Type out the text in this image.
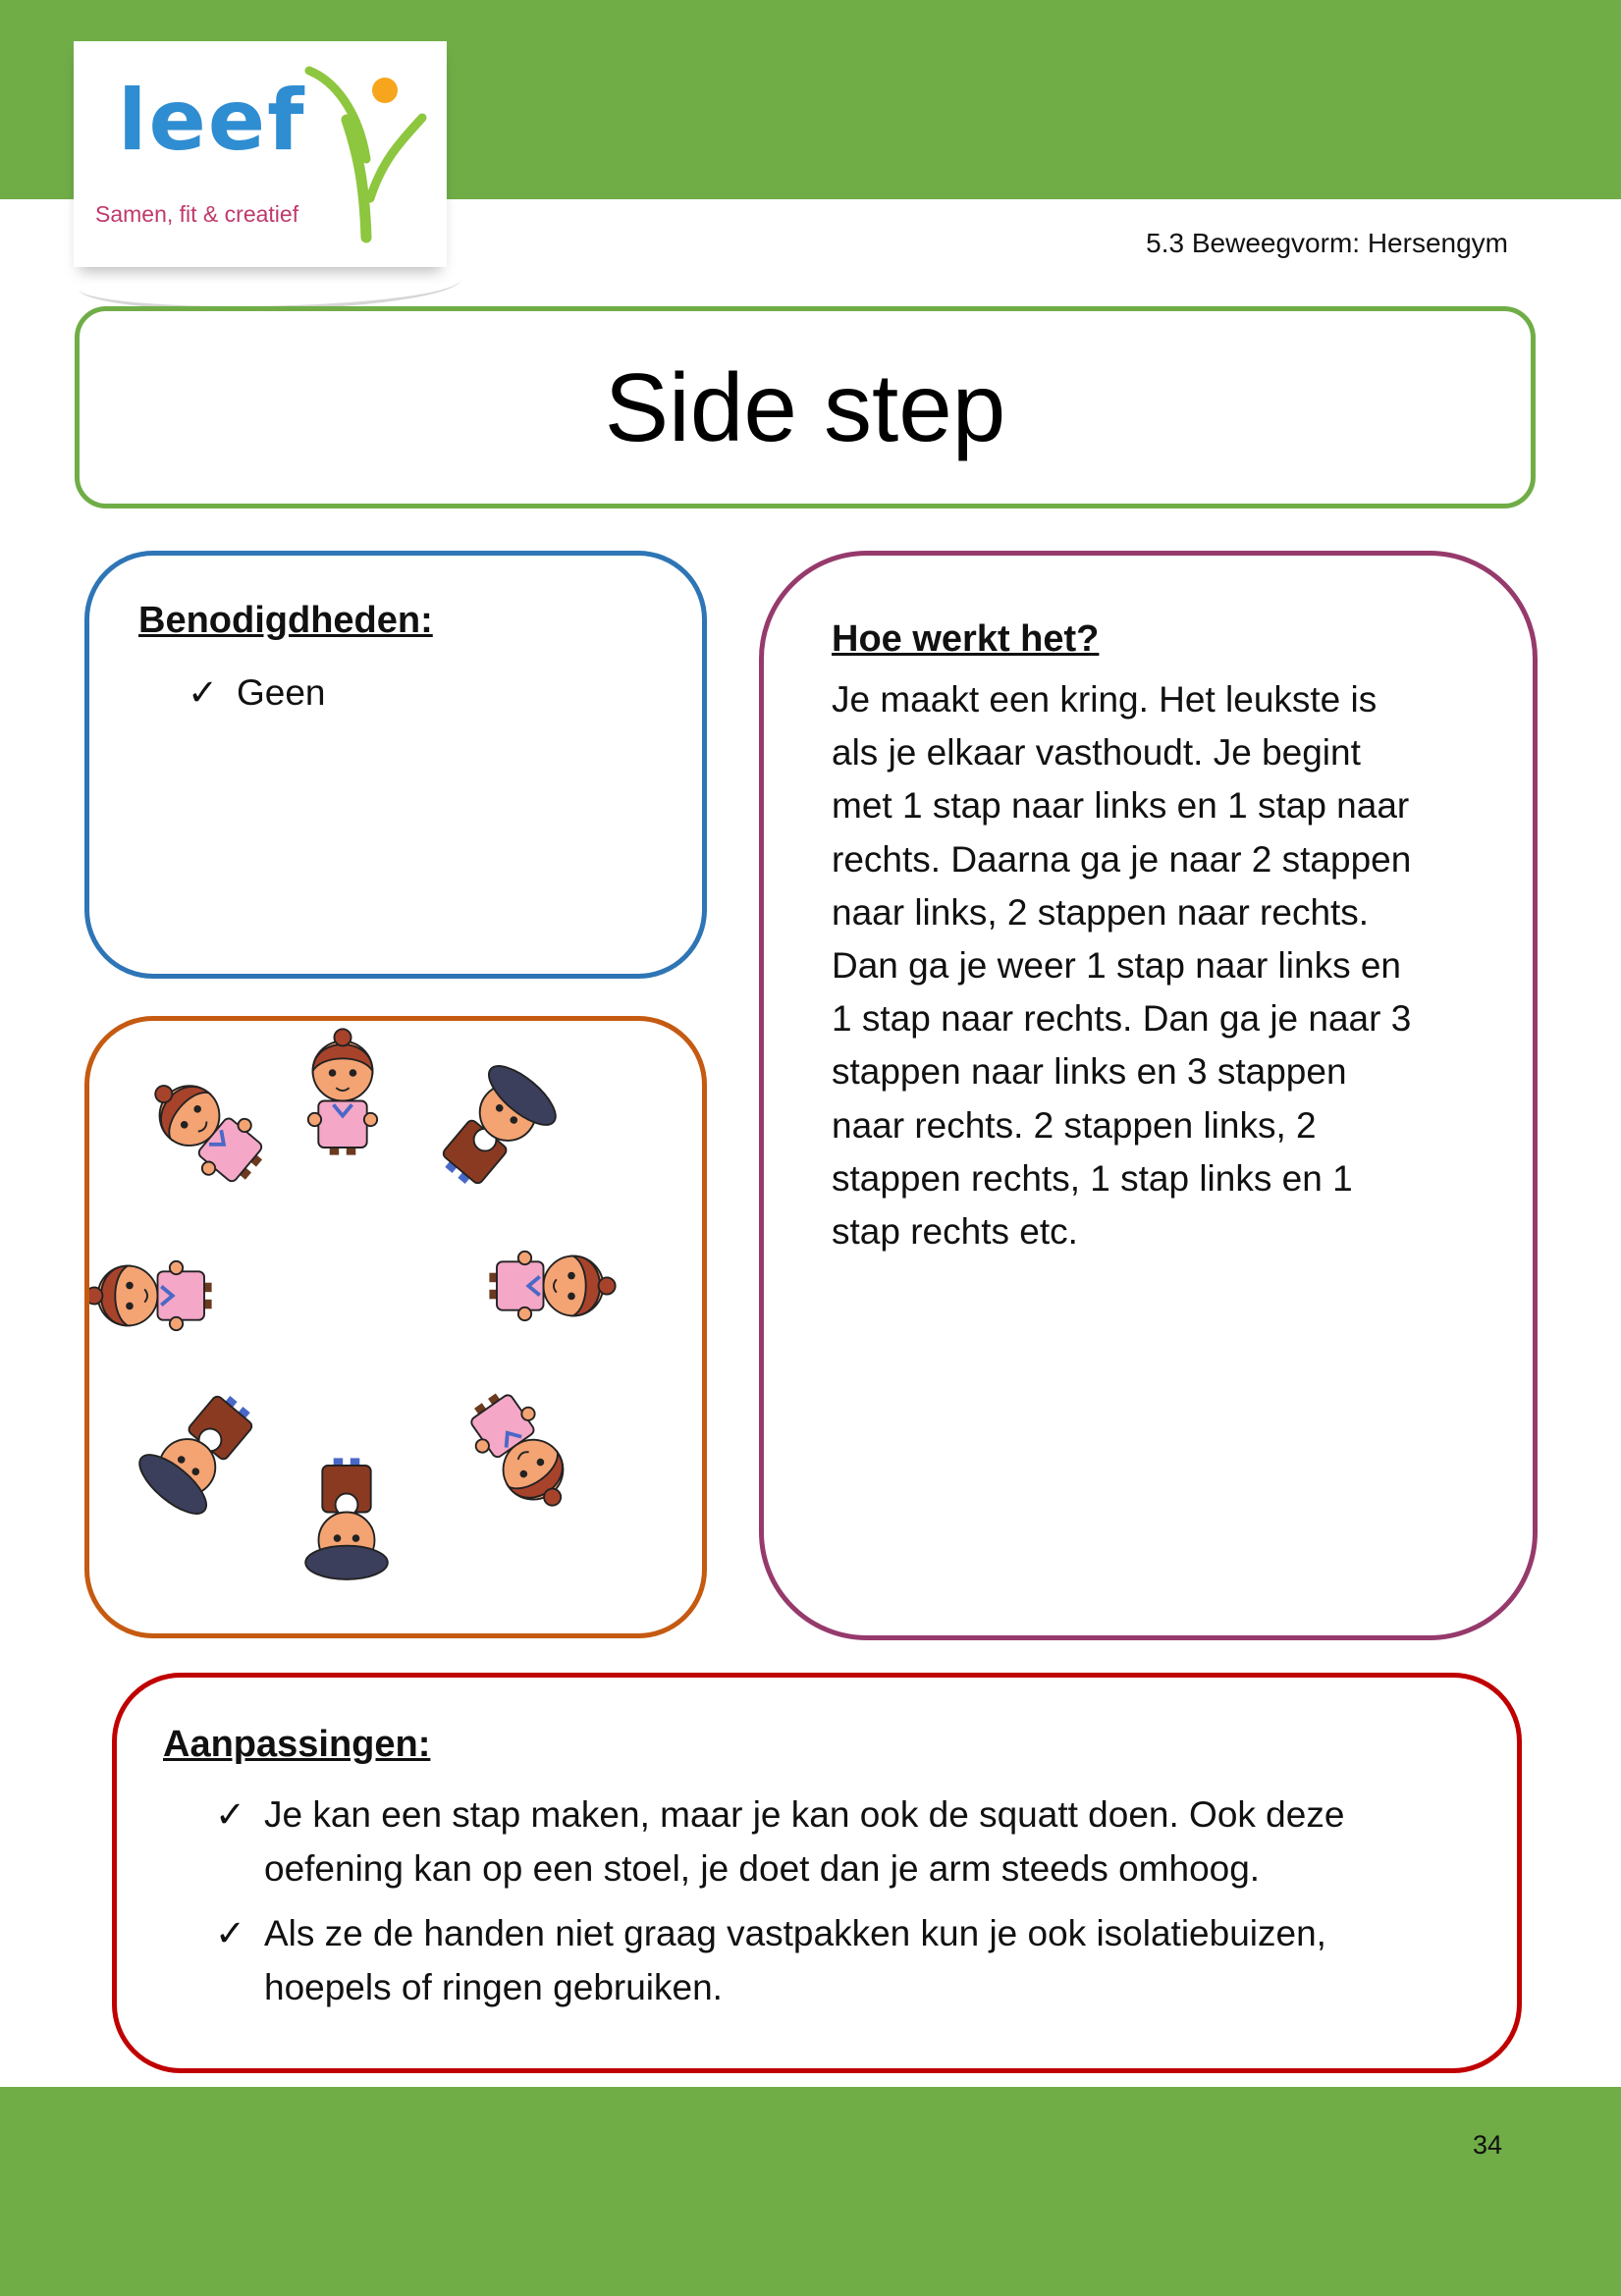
leef
Samen, fit & creatief
5.3 Beweegvorm: Hersengym
Side step
Benodigdheden:
✓ Geen
Hoe werkt het?
Je maakt een kring. Het leukste is
als je elkaar vasthoudt. Je begint
met 1 stap naar links en 1 stap naar
rechts. Daarna ga je naar 2 stappen
naar links, 2 stappen naar rechts.
Dan ga je weer 1 stap naar links en
1 stap naar rechts. Dan ga je naar 3
stappen naar links en 3 stappen
naar rechts. 2 stappen links, 2
stappen rechts, 1 stap links en 1
stap rechts etc.
Aanpassingen:
✓ Je kan een stap maken, maar je kan ook de squatt doen. Ook deze oefening kan op een stoel, je doet dan je arm steeds omhoog.
✓ Als ze de handen niet graag vastpakken kun je ook isolatiebuizen, hoepels of ringen gebruiken.
34
